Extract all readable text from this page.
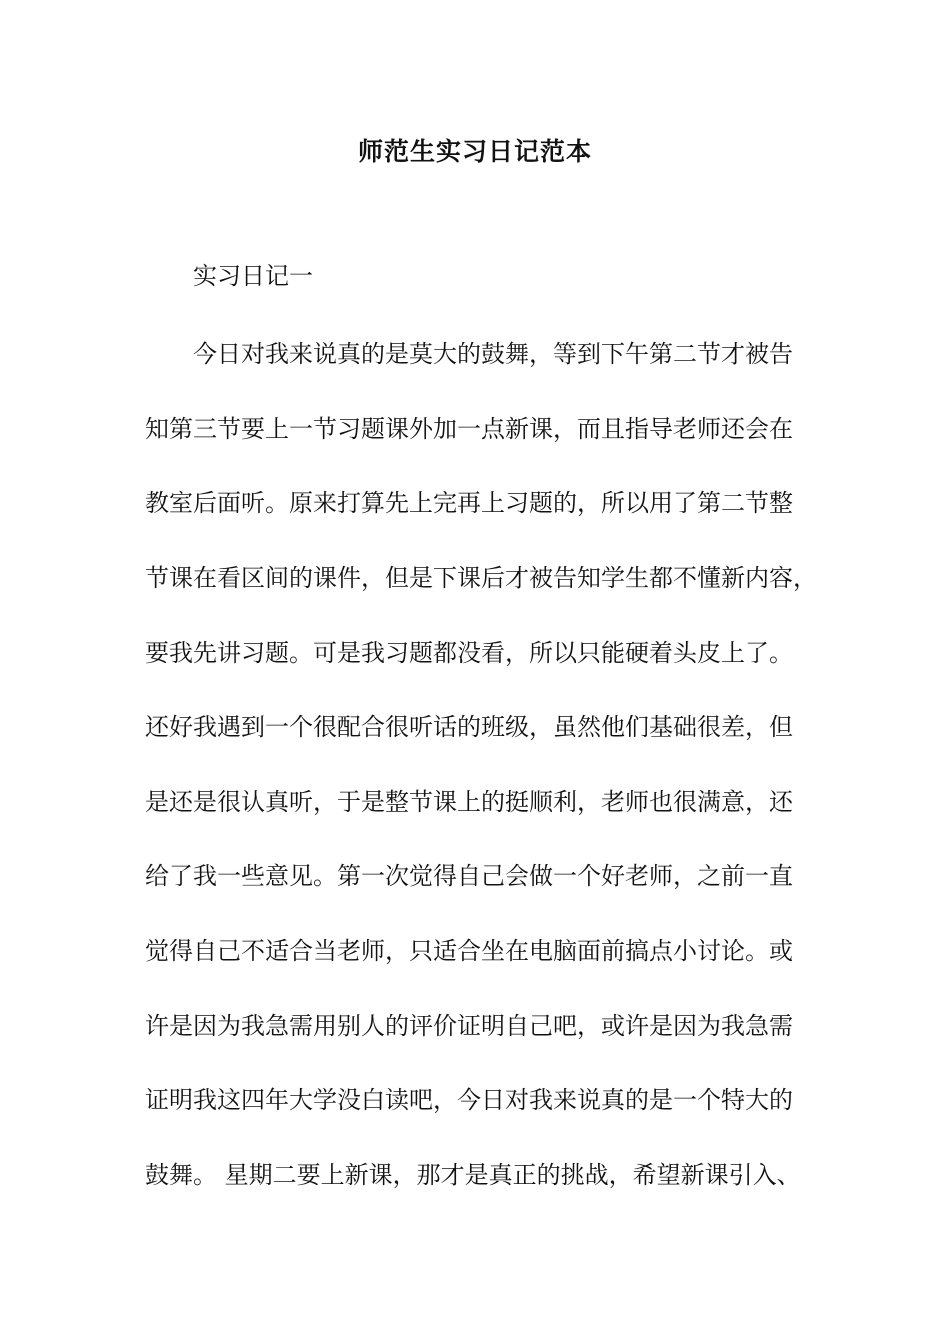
师范生实习日记范本
实习日记一
今日对我来说真的是莫大的鼓舞，等到下午第二节才被告
知第三节要上一节习题课外加一点新课，而且指导老师还会在
教室后面听。原来打算先上完再上习题的，所以用了第二节整
节课在看区间的课件，但是下课后才被告知学生都不懂新内容，
要我先讲习题。可是我习题都没看，所以只能硬着头皮上了。
还好我遇到一个很配合很听话的班级，虽然他们基础很差，但
是还是很认真听，于是整节课上的挺顺利，老师也很满意，还
给了我一些意见。第一次觉得自己会做一个好老师，之前一直
觉得自己不适合当老师，只适合坐在电脑面前搞点小讨论。或
许是因为我急需用别人的评价证明自己吧，或许是因为我急需
证明我这四年大学没白读吧，今日对我来说真的是一个特大的
鼓舞。 星期二要上新课，那才是真正的挑战，希望新课引入、
